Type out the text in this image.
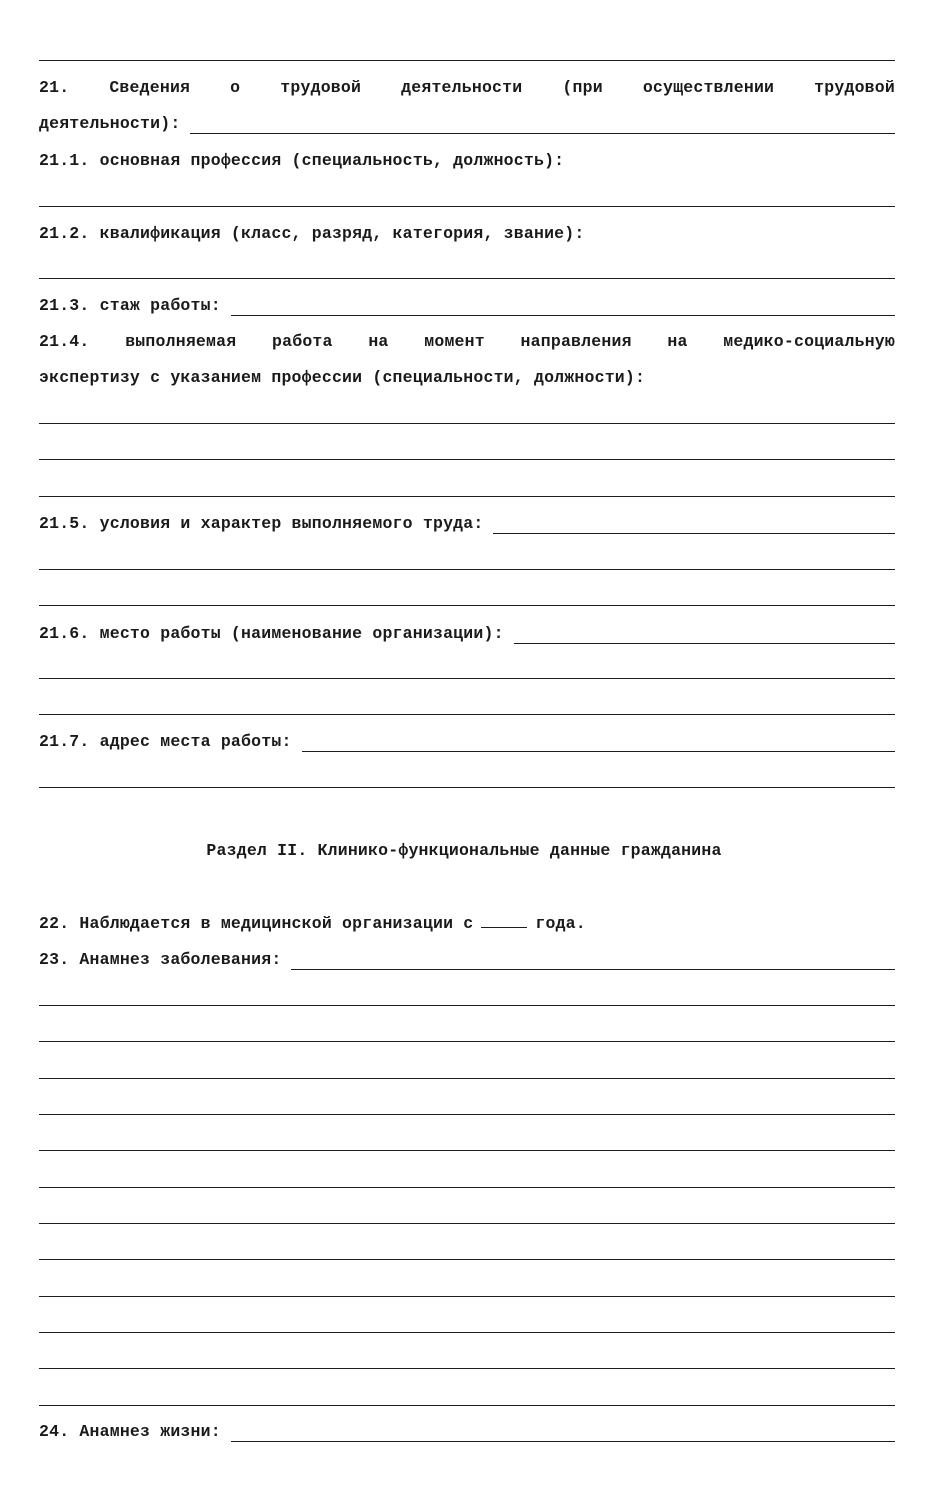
21. Сведения о трудовой деятельности (при осуществлении трудовой
деятельности):
21.1. основная профессия (специальность, должность):
21.2. квалификация (класс, разряд, категория, звание):
21.3. стаж работы:
21.4. выполняемая работа на момент направления на медико-социальную
экспертизу с указанием профессии (специальности, должности):
21.5. условия и характер выполняемого труда:
21.6. место работы (наименование организации):
21.7. адрес места работы:
Раздел II. Клинико-функциональные данные гражданина
22. Наблюдается в медицинской организации с	года.
23. Анамнез заболевания:
24. Анамнез жизни:
